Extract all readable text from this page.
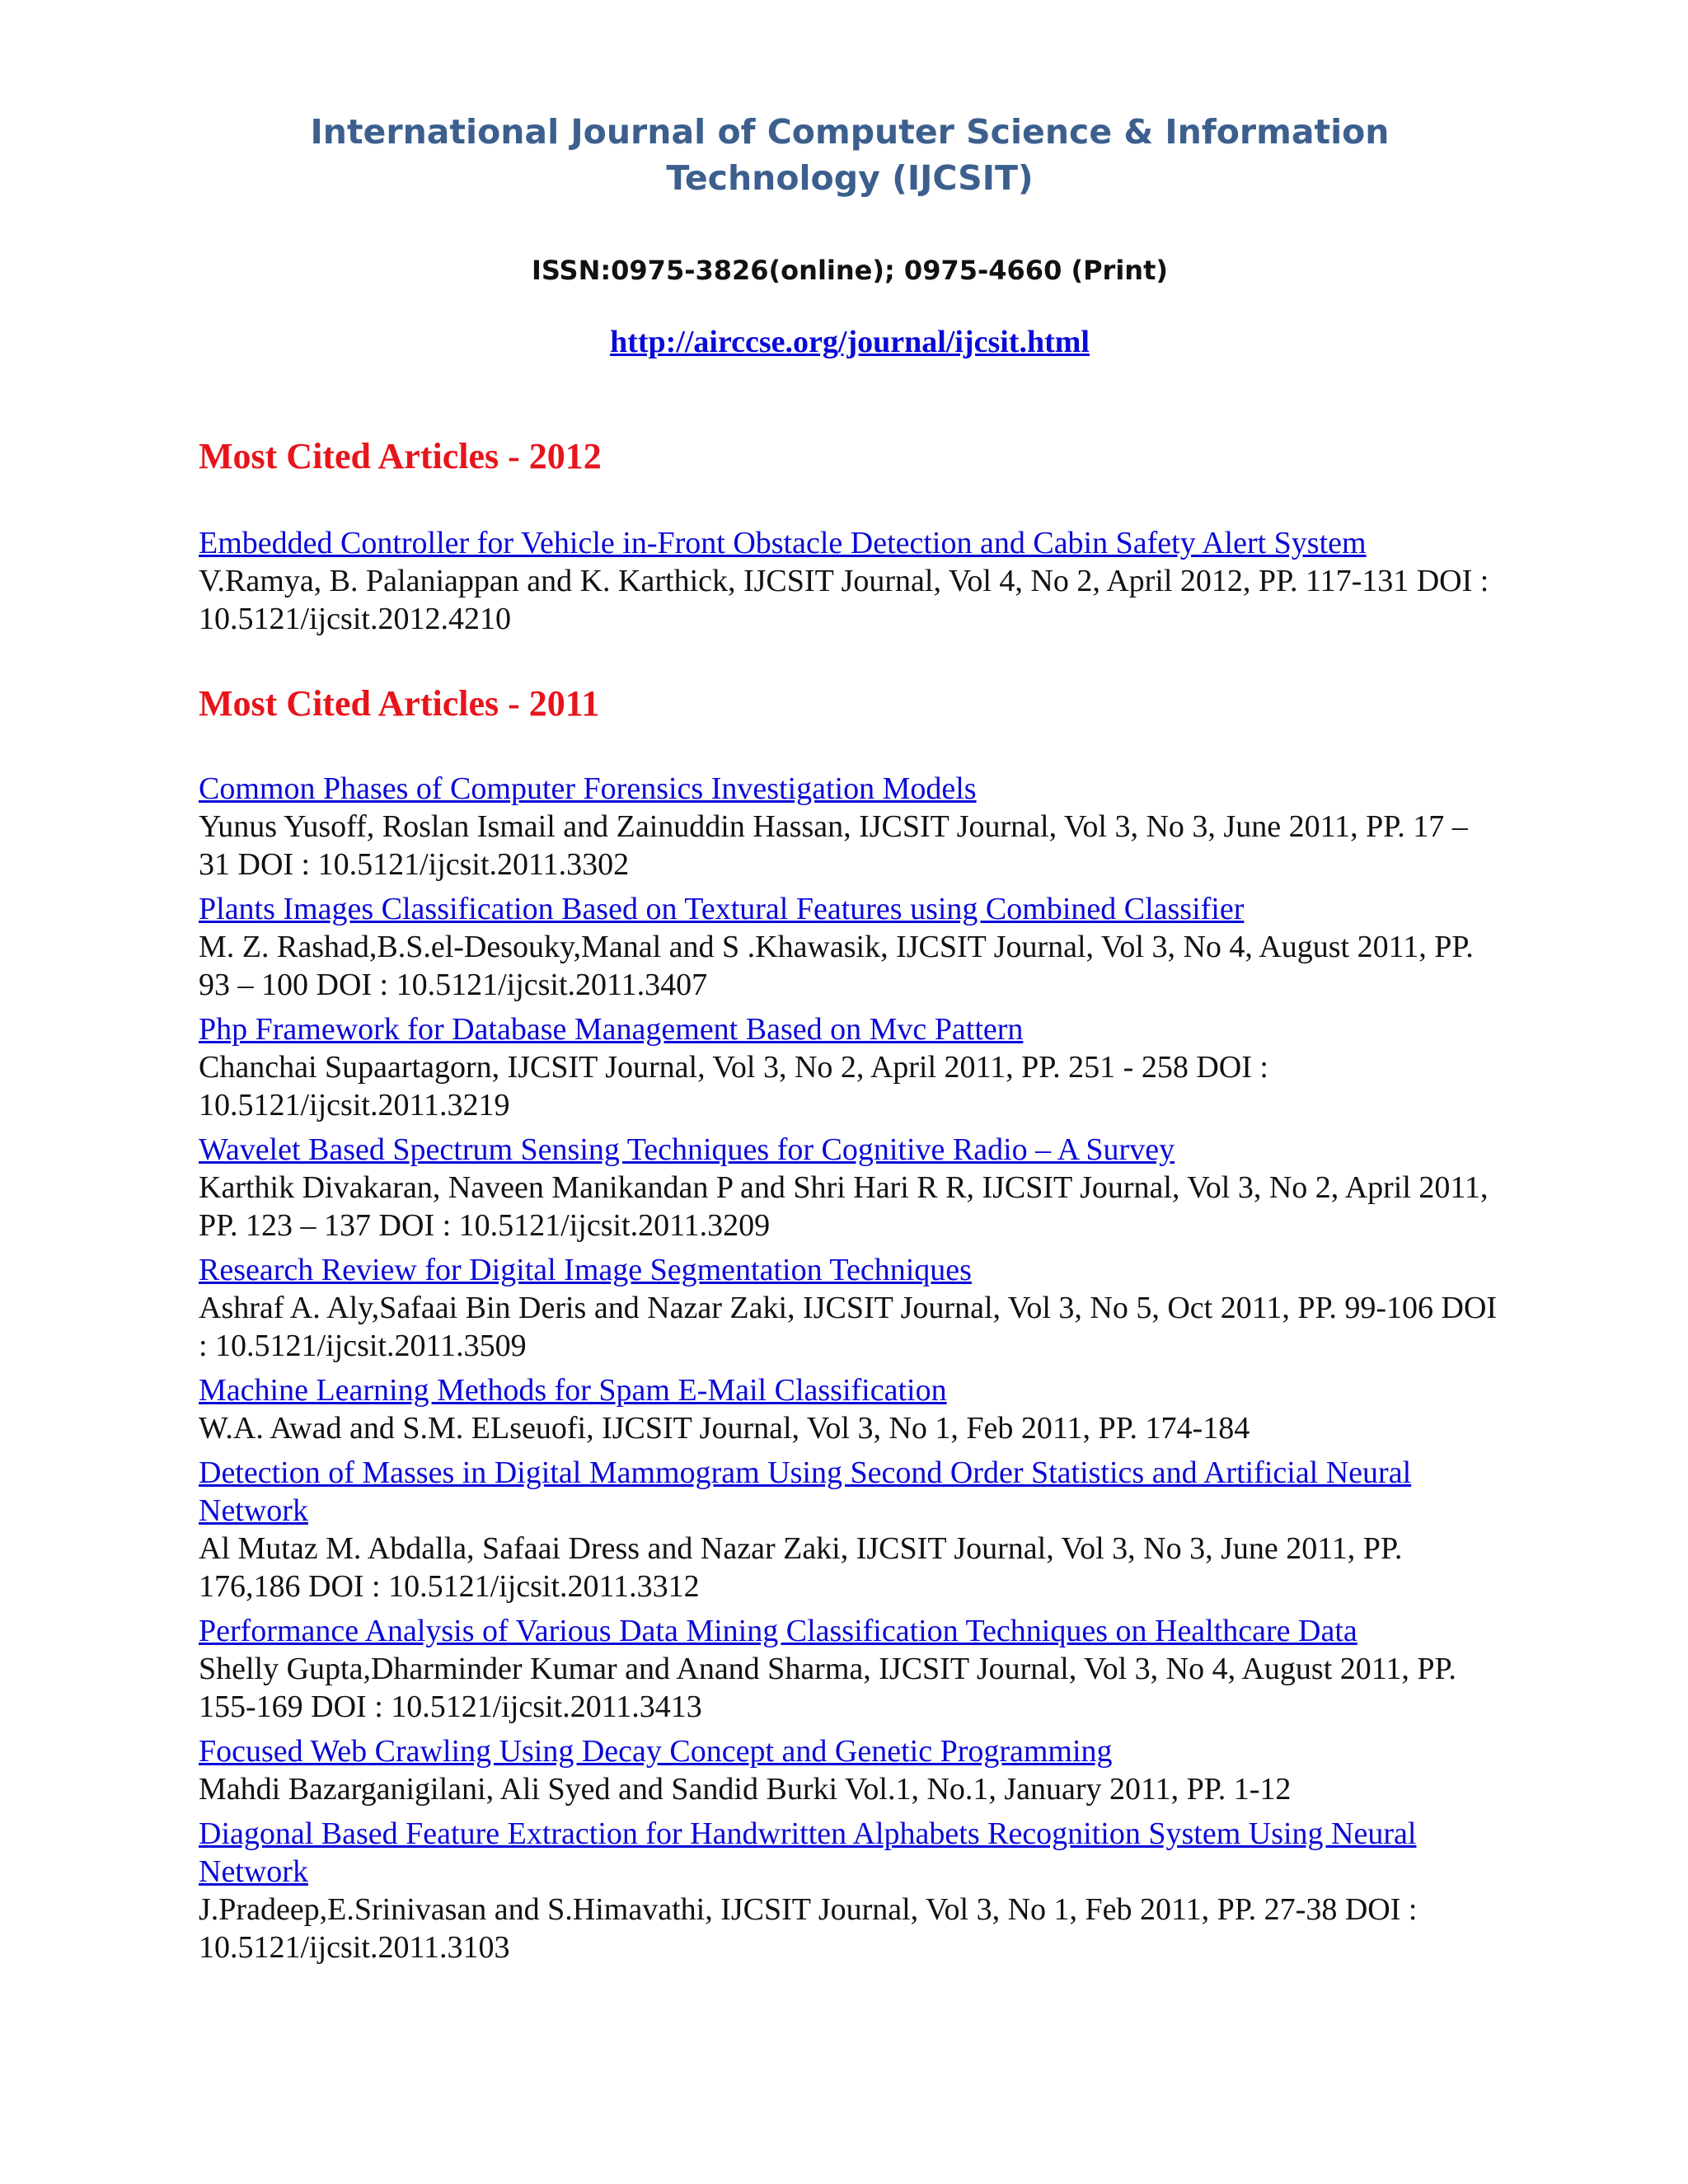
International Journal of Computer Science & Information Technology (IJCSIT)
ISSN:0975-3826(online); 0975-4660 (Print)
http://airccse.org/journal/ijcsit.html
Most Cited Articles - 2012
Embedded Controller for Vehicle in-Front Obstacle Detection and Cabin Safety Alert System
V.Ramya, B. Palaniappan and K. Karthick, IJCSIT Journal, Vol 4, No 2, April 2012, PP. 117-131 DOI : 10.5121/ijcsit.2012.4210
Most Cited Articles - 2011
Common Phases of Computer Forensics Investigation Models
Yunus Yusoff, Roslan Ismail and Zainuddin Hassan, IJCSIT Journal, Vol 3, No 3, June 2011, PP. 17 – 31 DOI : 10.5121/ijcsit.2011.3302
Plants Images Classification Based on Textural Features using Combined Classifier
M. Z. Rashad,B.S.el-Desouky,Manal and S .Khawasik, IJCSIT Journal, Vol 3, No 4, August 2011, PP. 93 – 100 DOI : 10.5121/ijcsit.2011.3407
Php Framework for Database Management Based on Mvc Pattern
Chanchai Supaartagorn, IJCSIT Journal, Vol 3, No 2, April 2011, PP. 251 - 258 DOI : 10.5121/ijcsit.2011.3219
Wavelet Based Spectrum Sensing Techniques for Cognitive Radio – A Survey
Karthik Divakaran, Naveen Manikandan P and Shri Hari R R, IJCSIT Journal, Vol 3, No 2, April 2011, PP. 123 – 137 DOI : 10.5121/ijcsit.2011.3209
Research Review for Digital Image Segmentation Techniques
Ashraf A. Aly,Safaai Bin Deris and Nazar Zaki, IJCSIT Journal, Vol 3, No 5, Oct 2011, PP. 99-106 DOI : 10.5121/ijcsit.2011.3509
Machine Learning Methods for Spam E-Mail Classification
W.A. Awad and S.M. ELseuofi, IJCSIT Journal, Vol 3, No 1, Feb 2011, PP. 174-184
Detection of Masses in Digital Mammogram Using Second Order Statistics and Artificial Neural Network
Al Mutaz M. Abdalla, Safaai Dress and Nazar Zaki, IJCSIT Journal, Vol 3, No 3, June 2011, PP. 176,186 DOI : 10.5121/ijcsit.2011.3312
Performance Analysis of Various Data Mining Classification Techniques on Healthcare Data
Shelly Gupta,Dharminder Kumar and Anand Sharma, IJCSIT Journal, Vol 3, No 4, August 2011, PP. 155-169 DOI : 10.5121/ijcsit.2011.3413
Focused Web Crawling Using Decay Concept and Genetic Programming
Mahdi Bazarganigilani, Ali Syed and Sandid Burki Vol.1, No.1, January 2011, PP. 1-12
Diagonal Based Feature Extraction for Handwritten Alphabets Recognition System Using Neural Network
J.Pradeep,E.Srinivasan and S.Himavathi, IJCSIT Journal, Vol 3, No 1, Feb 2011, PP. 27-38 DOI : 10.5121/ijcsit.2011.3103
